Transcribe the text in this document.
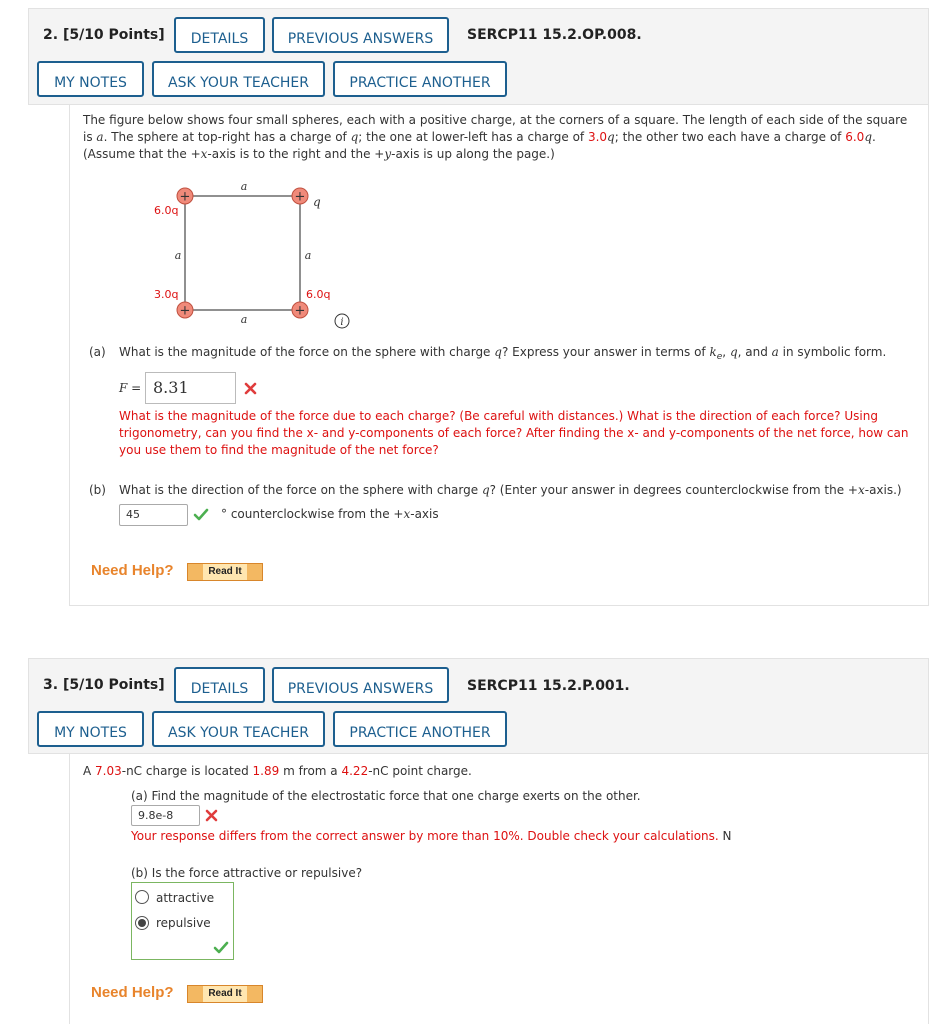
2. [5/10 Points]	DETAILS	PREVIOUS ANSWERS	SERCP11 15.2.OP.008.
MY NOTES	ASK YOUR TEACHER	PRACTICE ANOTHER
The figure below shows four small spheres, each with a positive charge, at the corners of a square. The length of each side of the square is a. The sphere at top-right has a charge of q; the one at lower-left has a charge of 3.0q; the other two each have a charge of 6.0q. (Assume that the +x-axis is to the right and the +y-axis is up along the page.)
a
a
a	a
+	+
+	+
6.0q
q
3.0q	6.0q
i
(a) What is the magnitude of the force on the sphere with charge q? Express your answer in terms of $k_e$, q, and a in symbolic form.
F = 8.31
What is the magnitude of the force due to each charge? (Be careful with distances.) What is the direction of each force? Using trigonometry, can you find the x- and y-components of each force? After finding the x- and y-components of the net force, how can you use them to find the magnitude of the net force?
(b) What is the direction of the force on the sphere with charge q? (Enter your answer in degrees counterclockwise from the +x-axis.)
45	° counterclockwise from the +x-axis
Need Help?	Read It
3. [5/10 Points]	DETAILS	PREVIOUS ANSWERS	SERCP11 15.2.P.001.
MY NOTES	ASK YOUR TEACHER	PRACTICE ANOTHER
A 7.03-nC charge is located 1.89 m from a 4.22-nC point charge.
(a) Find the magnitude of the electrostatic force that one charge exerts on the other.
9.8e-8
Your response differs from the correct answer by more than 10%. Double check your calculations. N
(b) Is the force attractive or repulsive?
attractive
repulsive
Need Help?	Read It
